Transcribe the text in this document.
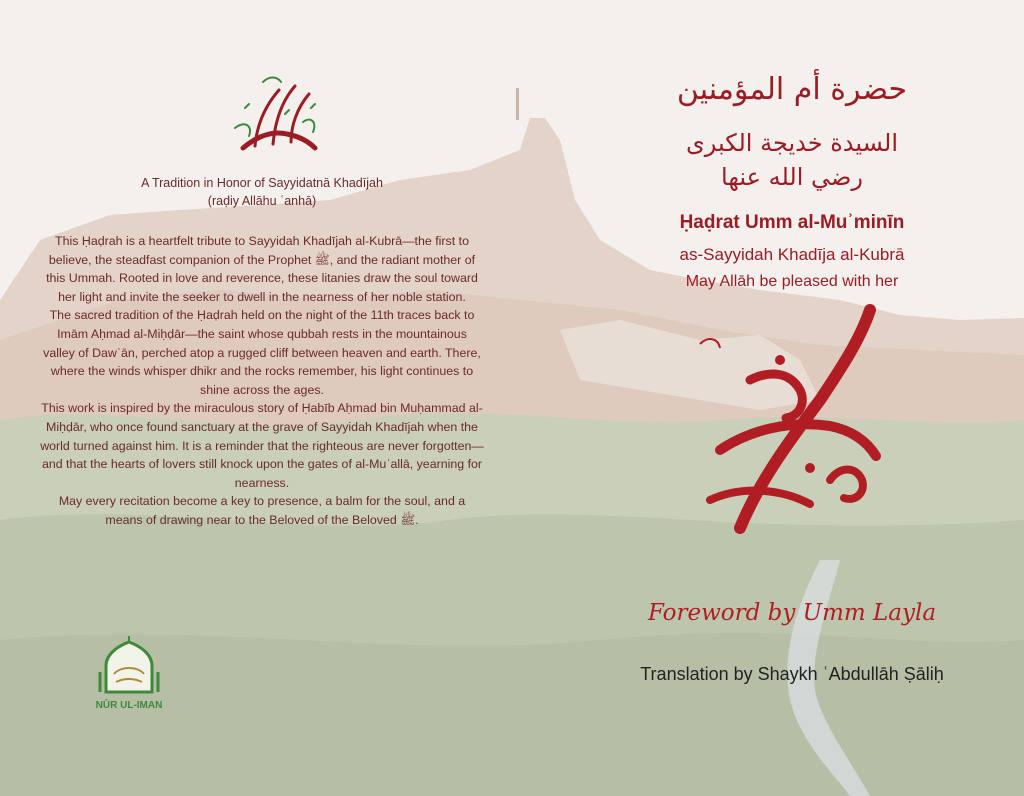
A Tradition in Honor of Sayyidatnā Khadījah
(raḍiy Allāhu ʿanhā)

This Ḥaḍrah is a heartfelt tribute to Sayyidah Khadījah al-Kubrā—the first to believe, the steadfast companion of the Prophet ﷺ, and the radiant mother of this Ummah. Rooted in love and reverence, these litanies draw the soul toward her light and invite the seeker to dwell in the nearness of her noble station.

The sacred tradition of the Ḥaḍrah held on the night of the 11th traces back to Imām Aḥmad al-Miḥḍār—the saint whose qubbah rests in the mountainous valley of Dawʿān, perched atop a rugged cliff between heaven and earth. There, where the winds whisper dhikr and the rocks remember, his light continues to shine across the ages.

This work is inspired by the miraculous story of Ḥabīb Aḥmad bin Muḥammad al-Miḥḍār, who once found sanctuary at the grave of Sayyidah Khadījah when the world turned against him. It is a reminder that the righteous are never forgotten—and that the hearts of lovers still knock upon the gates of al-Muʿallā, yearning for nearness.

May every recitation become a key to presence, a balm for the soul, and a means of drawing near to the Beloved of the Beloved ﷺ.

NŪR UL-IMAN
حضرة أم المؤمنين
السيدة خديجة الكبرى
رضي الله عنها
Ḥaḍrat Umm al-Muʾminīn
as-Sayyidah Khadīja al-Kubrā
May Allāh be pleased with her
Foreword by Umm Layla
Translation by Shaykh ʿAbdullāh Ṣāliḥ
